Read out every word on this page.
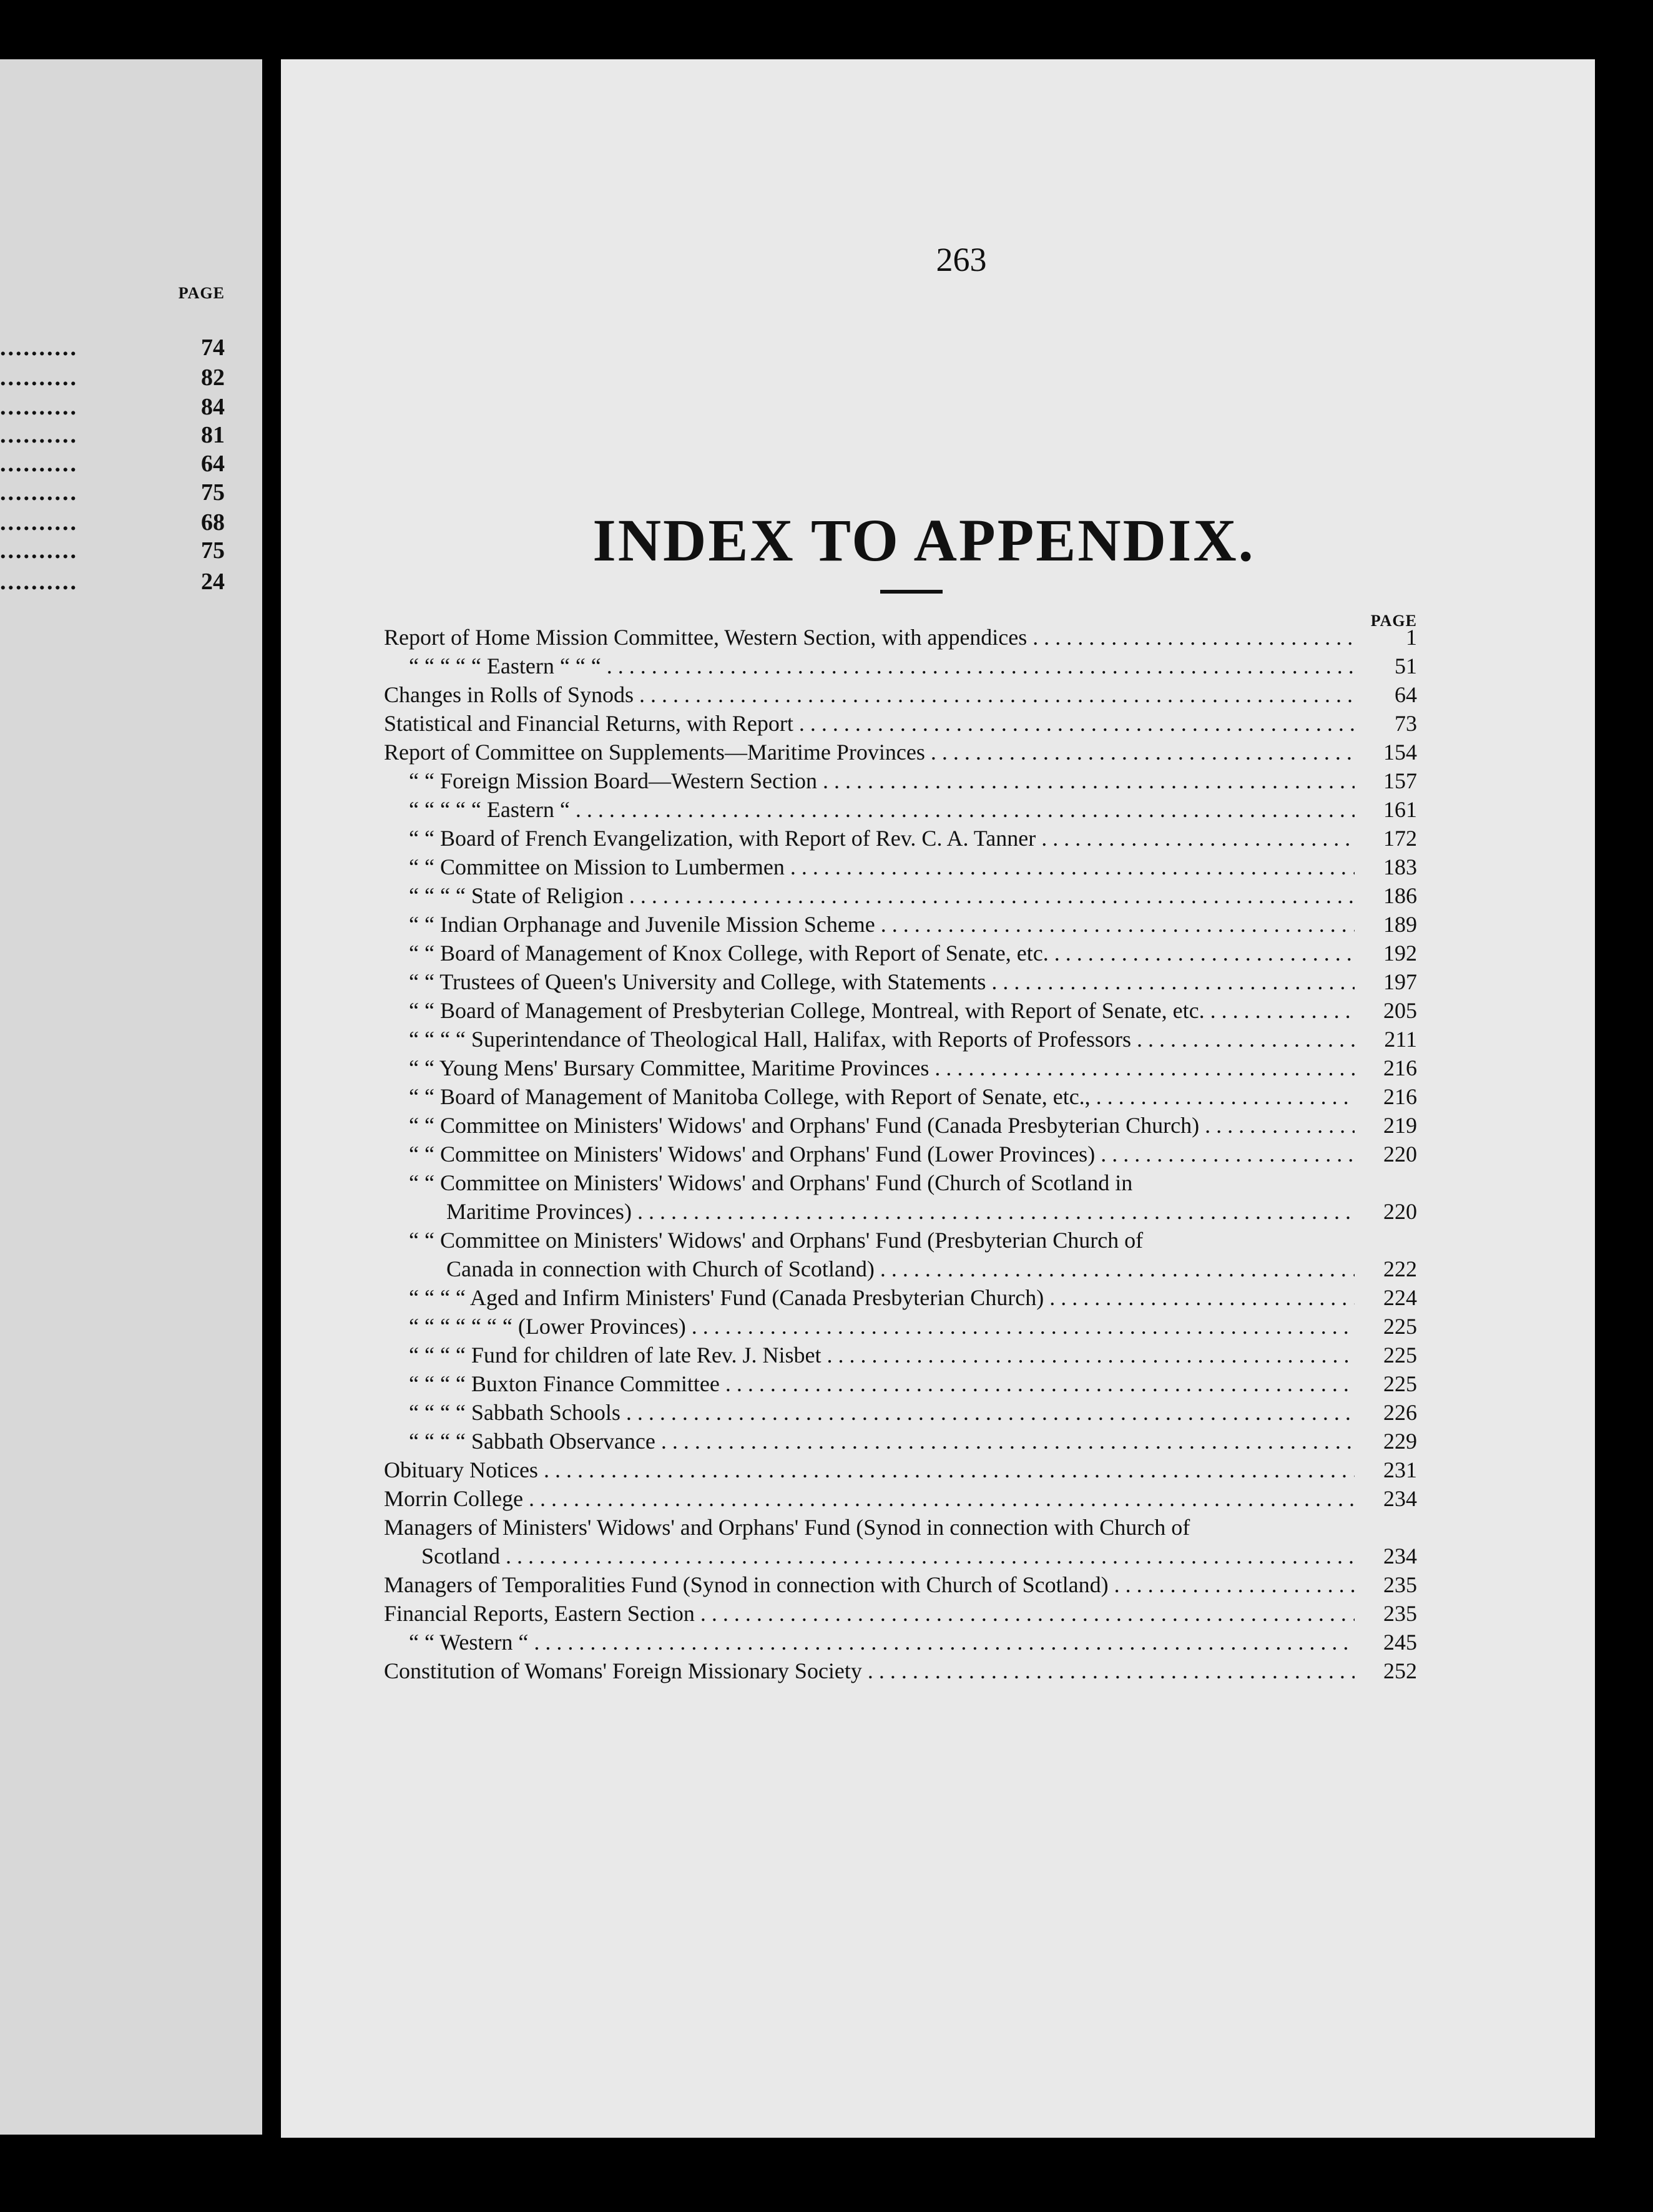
PAGE
..........	74
..........	82
..........	84
..........	81
..........	64
..........	75
..........	68
..........	75
..........	24
263
INDEX TO APPENDIX.
PAGE
Report of Home Mission Committee, Western Section, with appendices . . .	1
“ “ “ “ “ Eastern “ “ “ . . .	51
Changes in Rolls of Synods . . .	64
Statistical and Financial Returns, with Report . . .	73
Report of Committee on Supplements—Maritime Provinces . . .	154
“ “ Foreign Mission Board—Western Section . . .	157
“ “ “ “ “ Eastern “ . . .	161
“ “ Board of French Evangelization, with Report of Rev. C. A. Tanner . . .	172
“ “ Committee on Mission to Lumbermen . . .	183
“ “ “ “ State of Religion . . .	186
“ “ Indian Orphanage and Juvenile Mission Scheme . . .	189
“ “ Board of Management of Knox College, with Report of Senate, etc. . . .	192
“ “ Trustees of Queen's University and College, with Statements . . .	197
“ “ Board of Management of Presbyterian College, Montreal, with Report of Senate, etc. . . .	205
“ “ “ “ Superintendance of Theological Hall, Halifax, with Reports of Professors . . .	211
“ “ Young Mens' Bursary Committee, Maritime Provinces . . .	216
“ “ Board of Management of Manitoba College, with Report of Senate, etc., . . .	216
“ “ Committee on Ministers' Widows' and Orphans' Fund (Canada Presbyterian Church) . . .	219
“ “ Committee on Ministers' Widows' and Orphans' Fund (Lower Provinces) . . .	220
“ “ Committee on Ministers' Widows' and Orphans' Fund (Church of Scotland in
Maritime Provinces) . . .	220
“ “ Committee on Ministers' Widows' and Orphans' Fund (Presbyterian Church of
Canada in connection with Church of Scotland) . . .	222
“ “ “ “ Aged and Infirm Ministers' Fund (Canada Presbyterian Church) . . .	224
“ “ “ “ “ “ “ (Lower Provinces) . . .	225
“ “ “ “ Fund for children of late Rev. J. Nisbet . . .	225
“ “ “ “ Buxton Finance Committee . . .	225
“ “ “ “ Sabbath Schools . . .	226
“ “ “ “ Sabbath Observance . . .	229
Obituary Notices . . .	231
Morrin College . . .	234
Managers of Ministers' Widows' and Orphans' Fund (Synod in connection with Church of
Scotland . . .	234
Managers of Temporalities Fund (Synod in connection with Church of Scotland) . . .	235
Financial Reports, Eastern Section . . .	235
“ “ Western “ . . .	245
Constitution of Womans' Foreign Missionary Society . . .	252
